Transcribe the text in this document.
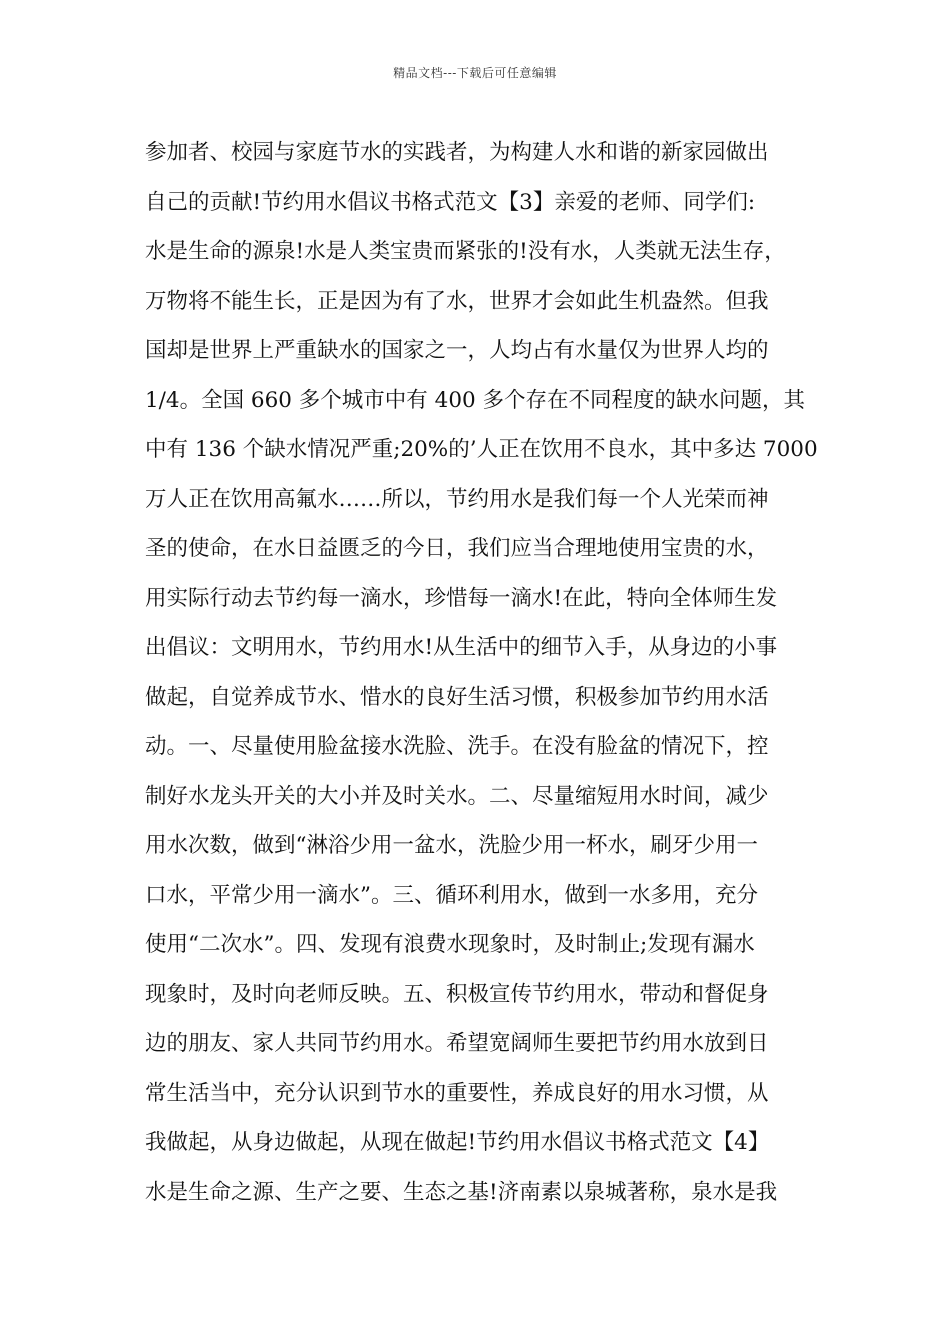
精品文档---下载后可任意编辑
参加者、校园与家庭节水的实践者，为构建人水和谐的新家园做出
自己的贡献!节约用水倡议书格式范文【3】亲爱的老师、同学们:
水是生命的源泉!水是人类宝贵而紧张的!没有水，人类就无法生存，
万物将不能生长，正是因为有了水，世界才会如此生机盎然。但我
国却是世界上严重缺水的国家之一，人均占有水量仅为世界人均的
1/4。全国 660 多个城市中有 400 多个存在不同程度的缺水问题，其
中有 136 个缺水情况严重;20%的’人正在饮用不良水，其中多达 7000
万人正在饮用高氟水……所以，节约用水是我们每一个人光荣而神
圣的使命，在水日益匮乏的今日，我们应当合理地使用宝贵的水，
用实际行动去节约每一滴水，珍惜每一滴水!在此，特向全体师生发
出倡议：文明用水，节约用水!从生活中的细节入手，从身边的小事
做起，自觉养成节水、惜水的良好生活习惯，积极参加节约用水活
动。一、尽量使用脸盆接水洗脸、洗手。在没有脸盆的情况下，控
制好水龙头开关的大小并及时关水。二、尽量缩短用水时间，减少
用水次数，做到“淋浴少用一盆水，洗脸少用一杯水，刷牙少用一
口水，平常少用一滴水”。三、循环利用水，做到一水多用，充分
使用“二次水”。四、发现有浪费水现象时，及时制止;发现有漏水
现象时，及时向老师反映。五、积极宣传节约用水，带动和督促身
边的朋友、家人共同节约用水。希望宽阔师生要把节约用水放到日
常生活当中，充分认识到节水的重要性，养成良好的用水习惯，从
我做起，从身边做起，从现在做起!节约用水倡议书格式范文【4】
水是生命之源、生产之要、生态之基!济南素以泉城著称，泉水是我
